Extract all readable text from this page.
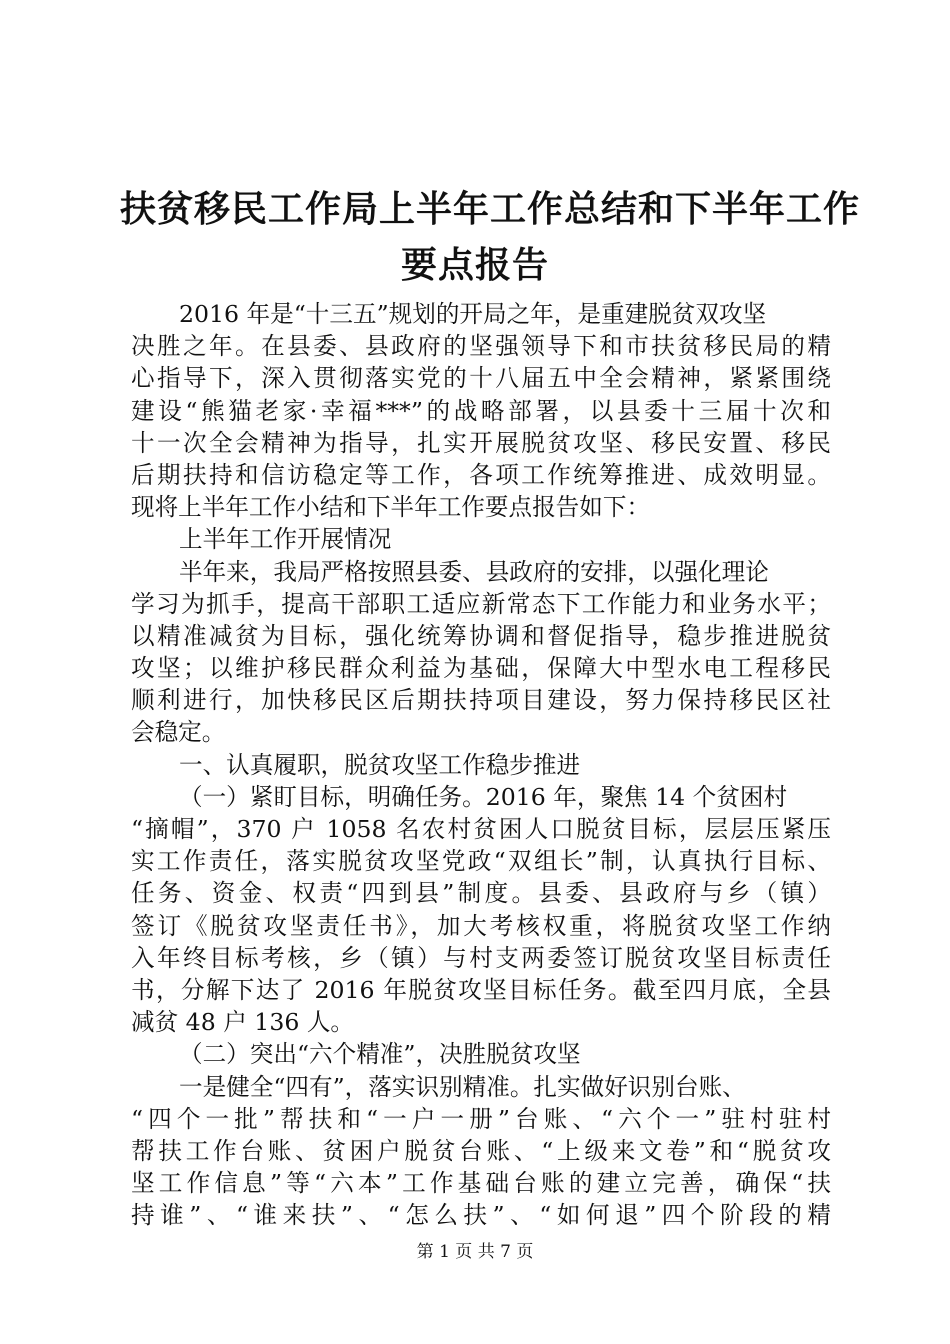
扶贫移民工作局上半年工作总结和下半年工作
要点报告
2016 年是“十三五”规划的开局之年，是重建脱贫双攻坚
决胜之年。在县委、县政府的坚强领导下和市扶贫移民局的精
心指导下，深入贯彻落实党的十八届五中全会精神，紧紧围绕
建设“熊猫老家·幸福***”的战略部署，以县委十三届十次和
十一次全会精神为指导，扎实开展脱贫攻坚、移民安置、移民
后期扶持和信访稳定等工作，各项工作统筹推进、成效明显。
现将上半年工作小结和下半年工作要点报告如下：
上半年工作开展情况
半年来，我局严格按照县委、县政府的安排，以强化理论
学习为抓手，提高干部职工适应新常态下工作能力和业务水平；
以精准减贫为目标，强化统筹协调和督促指导，稳步推进脱贫
攻坚；以维护移民群众利益为基础，保障大中型水电工程移民
顺利进行，加快移民区后期扶持项目建设，努力保持移民区社
会稳定。
一、认真履职，脱贫攻坚工作稳步推进
（一）紧盯目标，明确任务。2016 年，聚焦 14 个贫困村
“摘帽”，370 户 1058 名农村贫困人口脱贫目标，层层压紧压
实工作责任，落实脱贫攻坚党政“双组长”制，认真执行目标、
任务、资金、权责“四到县”制度。县委、县政府与乡（镇）
签订《脱贫攻坚责任书》，加大考核权重，将脱贫攻坚工作纳
入年终目标考核，乡（镇）与村支两委签订脱贫攻坚目标责任
书，分解下达了 2016 年脱贫攻坚目标任务。截至四月底，全县
减贫 48 户 136 人。
（二）突出“六个精准”，决胜脱贫攻坚
一是健全“四有”，落实识别精准。扎实做好识别台账、
“四个一批”帮扶和“一户一册”台账、“六个一”驻村驻村
帮扶工作台账、贫困户脱贫台账、“上级来文卷”和“脱贫攻
坚工作信息”等“六本”工作基础台账的建立完善，确保“扶
持谁”、“谁来扶”、“怎么扶”、“如何退”四个阶段的精
第 1 页 共 7 页
